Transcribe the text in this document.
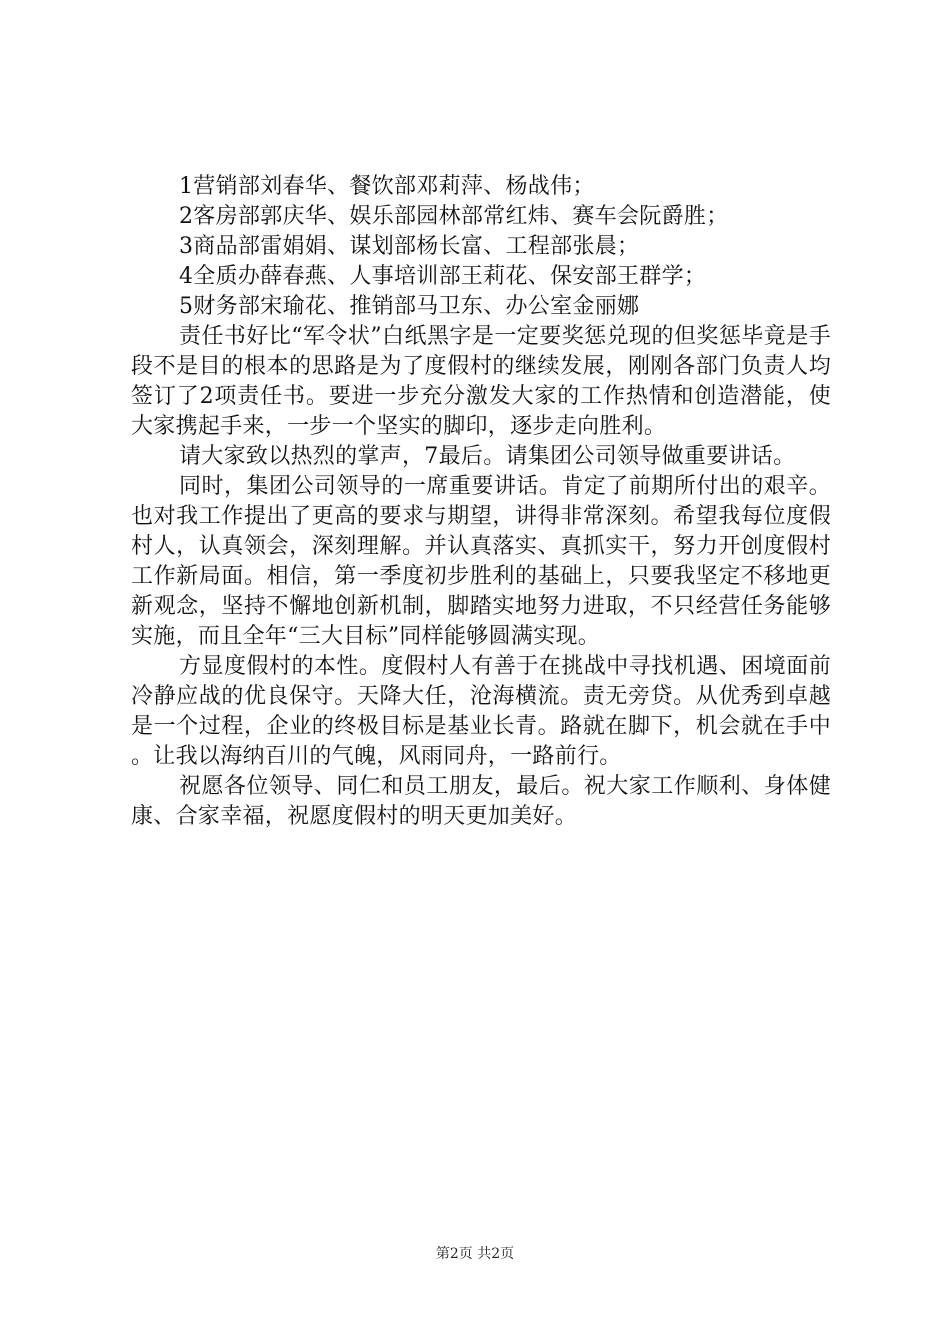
1营销部刘春华、餐饮部邓莉萍、杨战伟；

2客房部郭庆华、娱乐部园林部常红炜、赛车会阮爵胜；

3商品部雷娟娟、谋划部杨长富、工程部张晨；

4全质办薛春燕、人事培训部王莉花、保安部王群学；

5财务部宋瑜花、推销部马卫东、办公室金丽娜

责任书好比“军令状”白纸黑字是一定要奖惩兑现的但奖惩毕竟是手段不是目的根本的思路是为了度假村的继续发展，刚刚各部门负责人均签订了2项责任书。要进一步充分激发大家的工作热情和创造潜能，使大家携起手来，一步一个坚实的脚印，逐步走向胜利。

请大家致以热烈的掌声，7最后。请集团公司领导做重要讲话。

同时，集团公司领导的一席重要讲话。肯定了前期所付出的艰辛。也对我工作提出了更高的要求与期望，讲得非常深刻。希望我每位度假村人，认真领会，深刻理解。并认真落实、真抓实干，努力开创度假村工作新局面。相信，第一季度初步胜利的基础上，只要我坚定不移地更新观念，坚持不懈地创新机制，脚踏实地努力进取，不只经营任务能够实施，而且全年“三大目标”同样能够圆满实现。

方显度假村的本性。度假村人有善于在挑战中寻找机遇、困境面前冷静应战的优良保守。天降大任，沧海横流。责无旁贷。从优秀到卓越是一个过程，企业的终极目标是基业长青。路就在脚下，机会就在手中。让我以海纳百川的气魄，风雨同舟，一路前行。

祝愿各位领导、同仁和员工朋友，最后。祝大家工作顺利、身体健康、合家幸福，祝愿度假村的明天更加美好。

第2页 共2页
